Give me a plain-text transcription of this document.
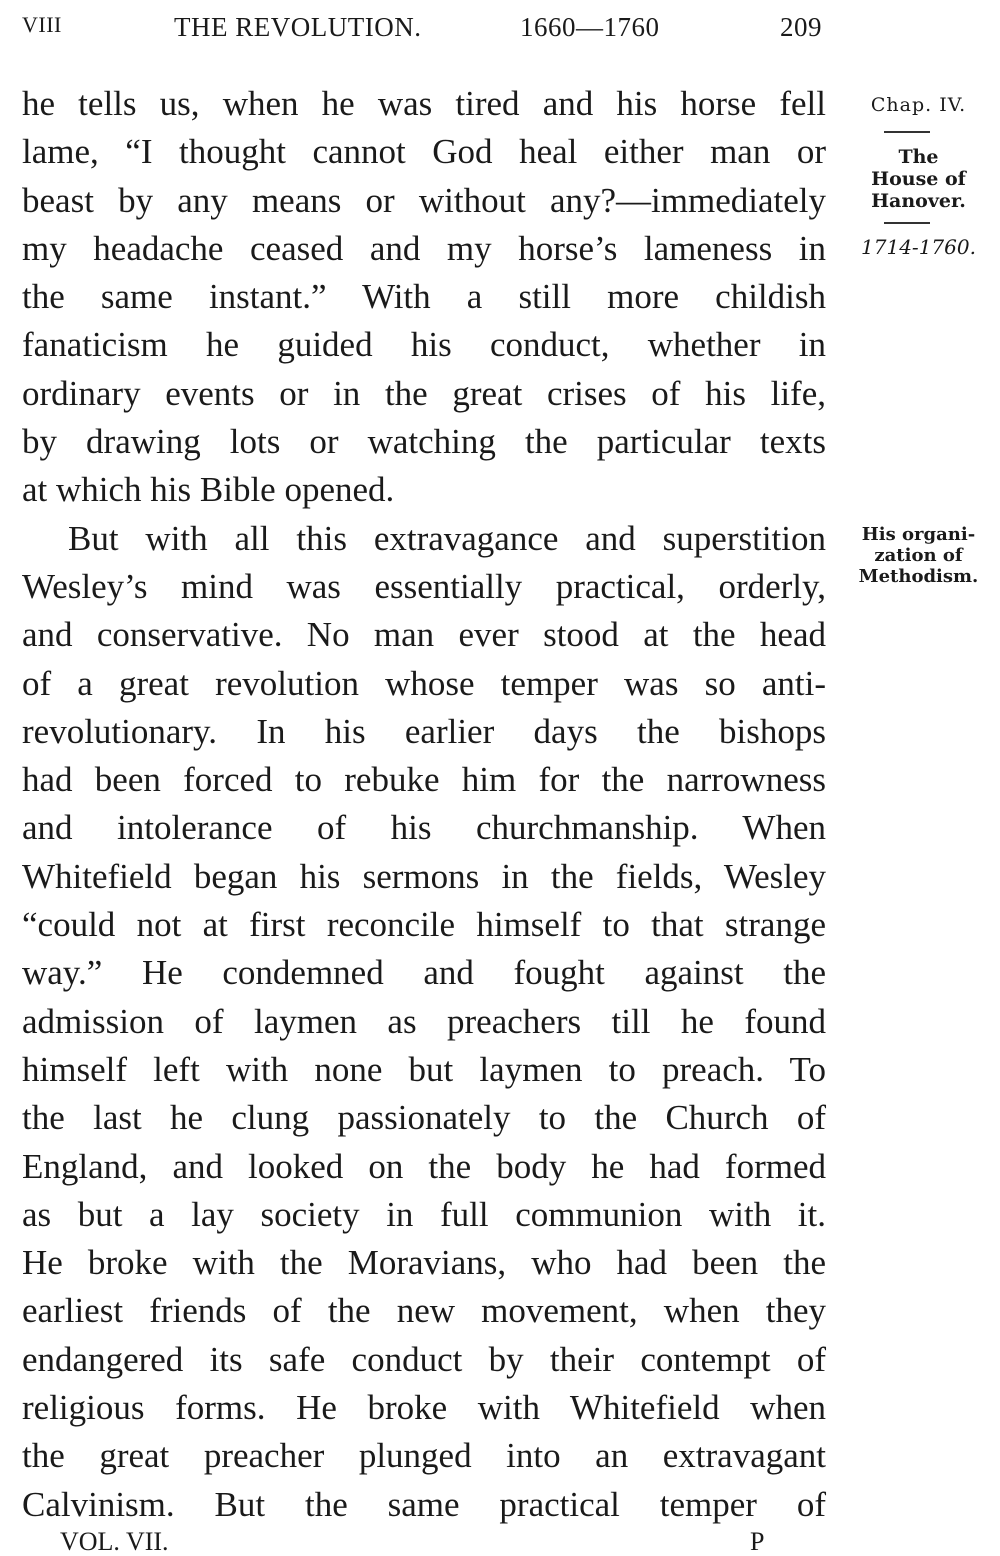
VIII	THE REVOLUTION.	1660—1760	209
he tells us, when he was tired and his horse fell
lame, “I thought cannot God heal either man or
beast by any means or without any?—immediately
my headache ceased and my horse’s lameness in
the same instant.” With a still more childish
fanaticism he guided his conduct, whether in
ordinary events or in the great crises of his life,
by drawing lots or watching the particular texts
at which his Bible opened.
But with all this extravagance and superstition
Wesley’s mind was essentially practical, orderly,
and conservative. No man ever stood at the head
of a great revolution whose temper was so anti-
revolutionary. In his earlier days the bishops
had been forced to rebuke him for the narrowness
and intolerance of his churchmanship. When
Whitefield began his sermons in the fields, Wesley
“could not at first reconcile himself to that strange
way.” He condemned and fought against the
admission of laymen as preachers till he found
himself left with none but laymen to preach. To
the last he clung passionately to the Church of
England, and looked on the body he had formed
as but a lay society in full communion with it.
He broke with the Moravians, who had been the
earliest friends of the new movement, when they
endangered its safe conduct by their contempt of
religious forms. He broke with Whitefield when
the great preacher plunged into an extravagant
Calvinism. But the same practical temper of
Chap. IV.
The
House of
Hanover.
1714-1760.
His organi-
zation of
Methodism.
VOL. VII.	P
